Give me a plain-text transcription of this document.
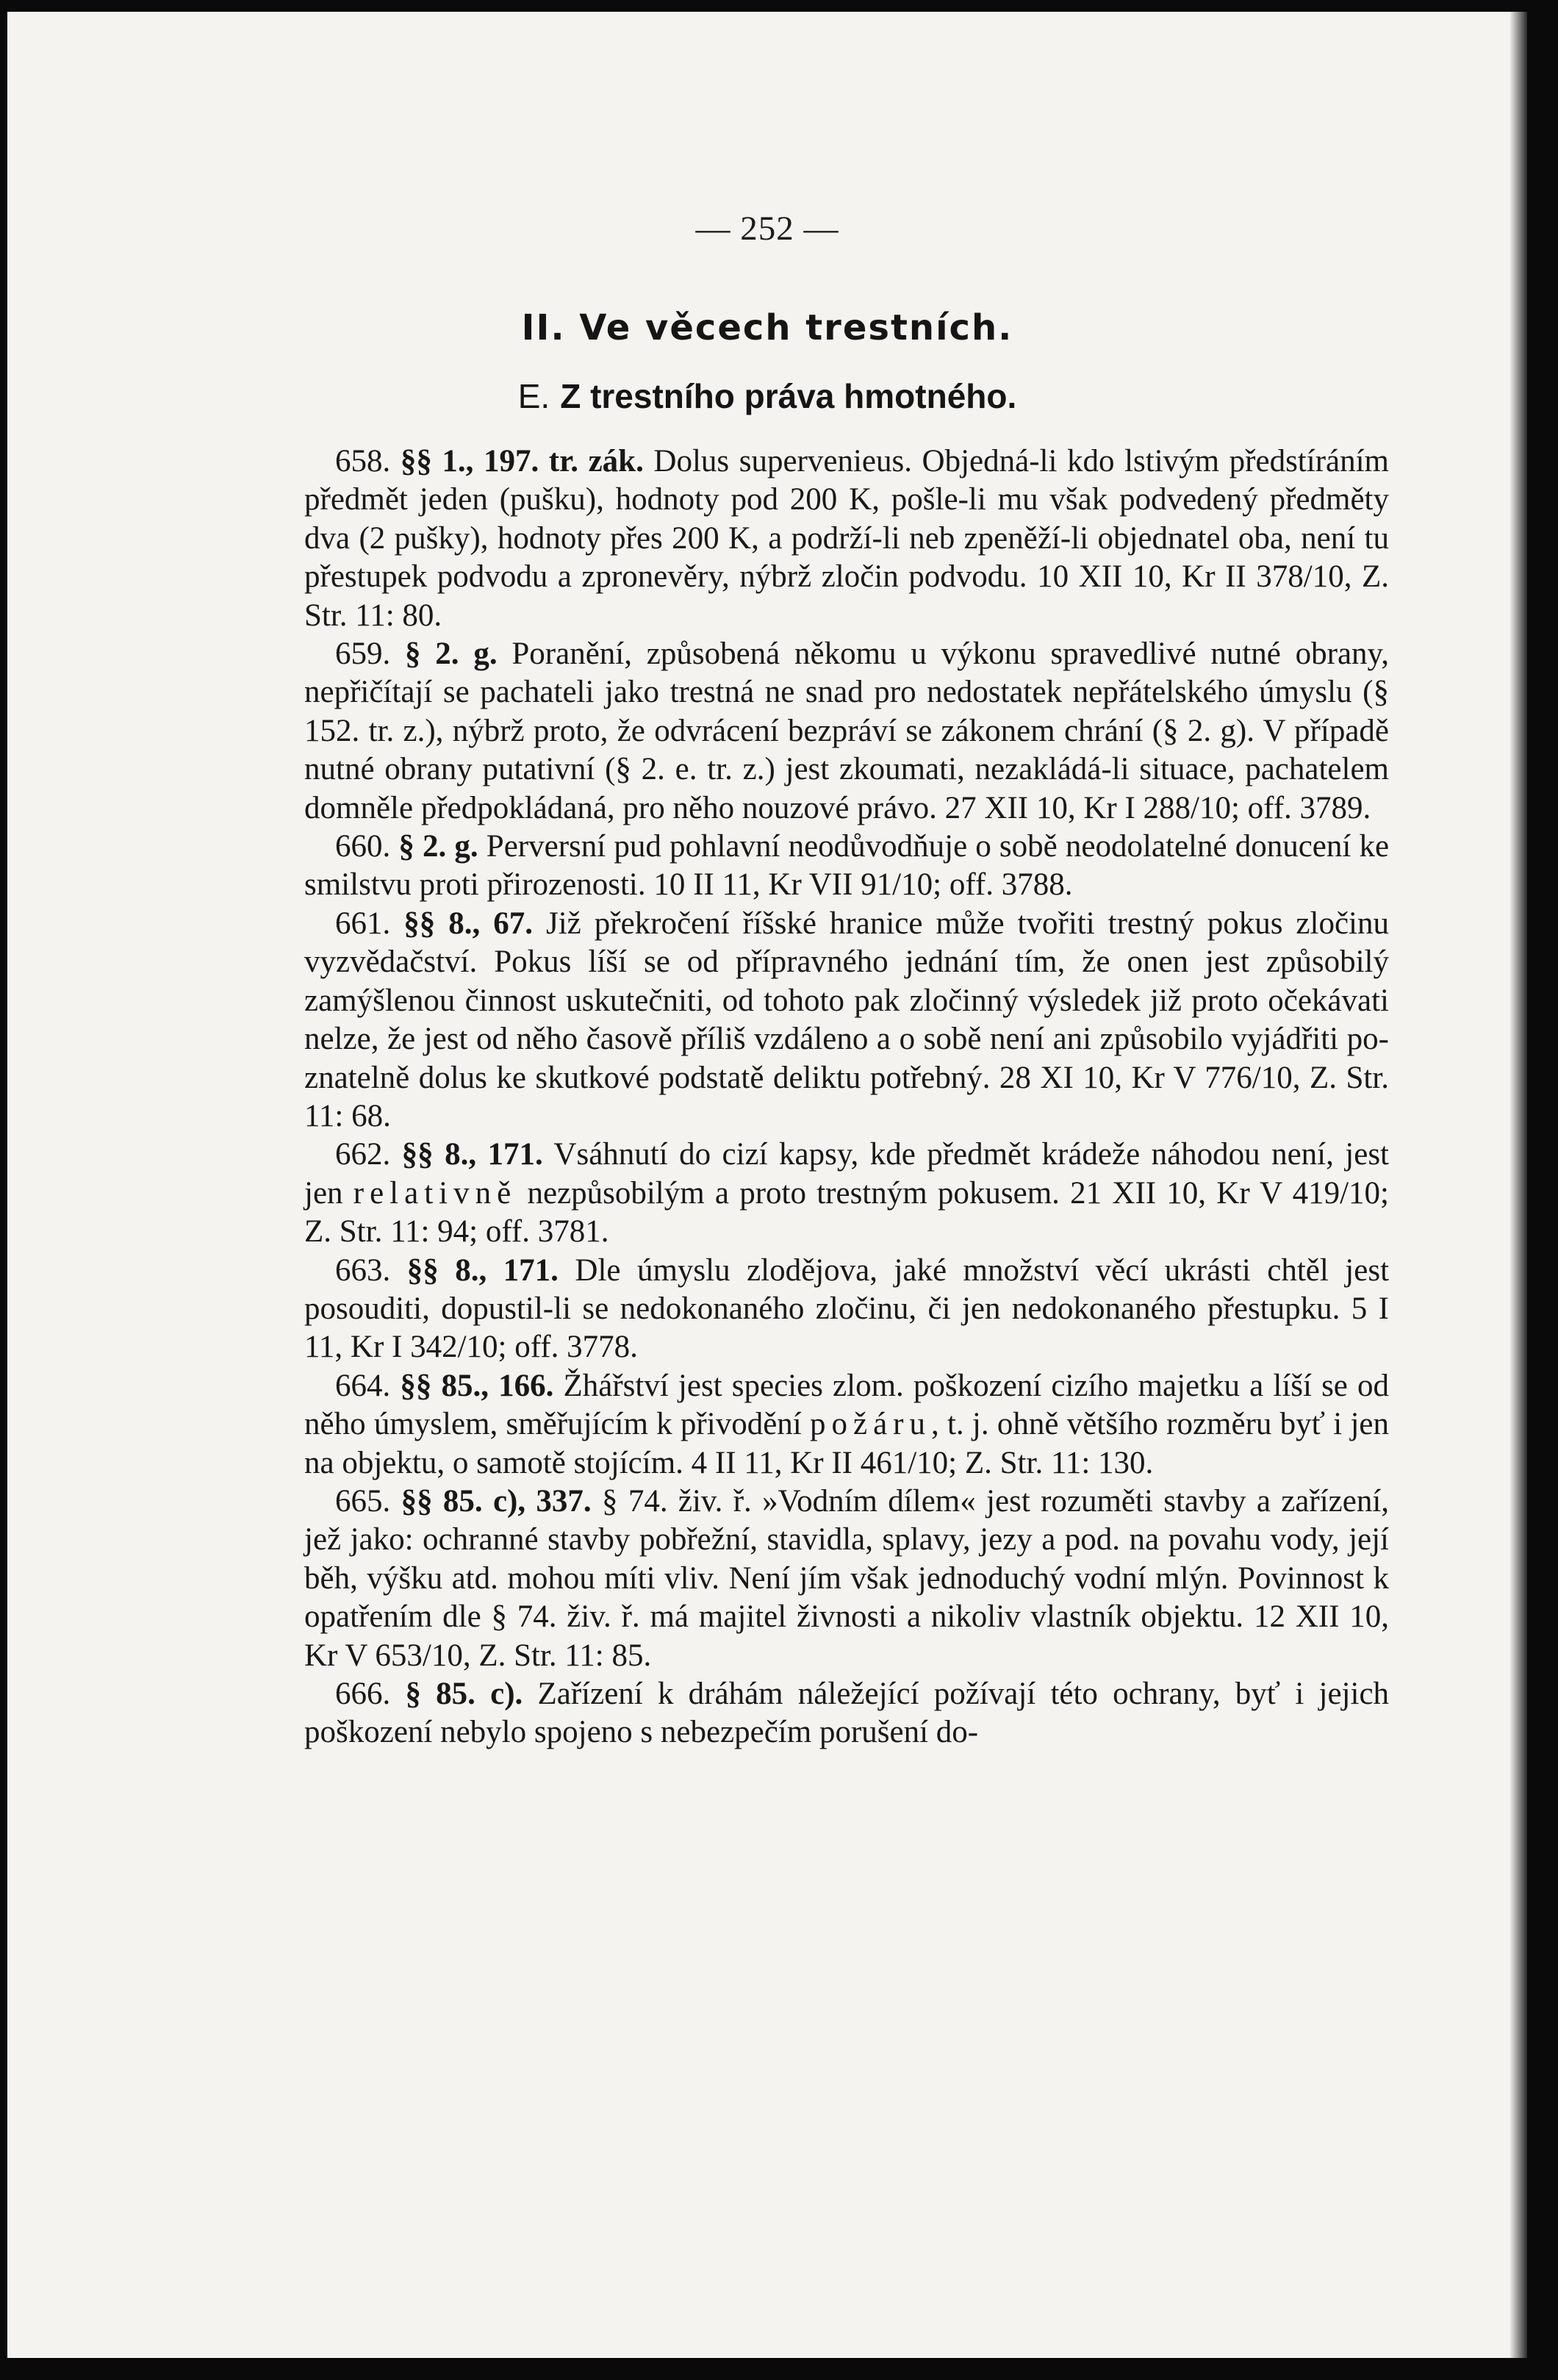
— 252 —

II. Ve věcech trestních.
E. Z trestního práva hmotného.

658. §§ 1., 197. tr. zák. Dolus supervenieus. Objedná-li kdo lstivým předstíráním předmět jeden (pušku), hodnoty pod 200 K, pošle-li mu však podvedený předměty dva (2 pušky), hodnoty přes 200 K, a podrží-li neb zpeněží-li objednatel oba, není tu přestupek podvodu a zpronevěry, nýbrž zločin podvodu. 10 XII 10, Kr II 378/10, Z. Str. 11: 80.

659. § 2. g. Poranění, způsobená někomu u výkonu spravedlivé nutné obrany, nepřičítají se pachateli jako trestná ne snad pro nedostatek nepřátelského úmyslu (§ 152. tr. z.), nýbrž proto, že odvrácení bezpráví se zákonem chrání (§ 2. g). V případě nutné obrany putativní (§ 2. e. tr. z.) jest zkoumati, nezakládá-li situace, pachatelem domněle předpokládaná, pro něho nouzové právo. 27 XII 10, Kr I 288/10; off. 3789.

660. § 2. g. Perversní pud pohlavní neodůvodňuje o sobě neodolatelné donucení ke smilstvu proti přirozenosti. 10 II 11, Kr VII 91/10; off. 3788.

661. §§ 8., 67. Již překročení říšské hranice může tvořiti trestný pokus zločinu vyzvědačství. Pokus líší se od přípravného jednání tím, že onen jest způsobilý zamýšlenou činnost uskutečniti, od tohoto pak zločinný výsledek již proto očekávati nelze, že jest od něho časově příliš vzdáleno a o sobě není ani způsobilo vyjádřiti poznatelně dolus ke skutkové podstatě deliktu potřebný. 28 XI 10, Kr V 776/10, Z. Str. 11: 68.

662. §§ 8., 171. Vsáhnutí do cizí kapsy, kde předmět krádeže náhodou není, jest jen relativně nezpůsobilým a proto trestným pokusem. 21 XII 10, Kr V 419/10; Z. Str. 11: 94; off. 3781.

663. §§ 8., 171. Dle úmyslu zlodějova, jaké množství věcí ukrásti chtěl jest posouditi, dopustil-li se nedokonaného zločinu, či jen nedokonaného přestupku. 5 I 11, Kr I 342/10; off. 3778.

664. §§ 85., 166. Žhářství jest species zlom. poškození cizího majetku a líší se od něho úmyslem, směřujícím k přivodění požáru, t. j. ohně většího rozměru byť i jen na objektu, o samotě stojícím. 4 II 11, Kr II 461/10; Z. Str. 11: 130.

665. §§ 85. c), 337. § 74. živ. ř. »Vodním dílem« jest rozuměti stavby a zařízení, jež jako: ochranné stavby pobřežní, stavidla, splavy, jezy a pod. na povahu vody, její běh, výšku atd. mohou míti vliv. Není jím však jednoduchý vodní mlýn. Povinnost k opatřením dle § 74. živ. ř. má majitel živnosti a nikoliv vlastník objektu. 12 XII 10, Kr V 653/10, Z. Str. 11: 85.

666. § 85. c). Zařízení k dráhám náležející požívají této ochrany, byť i jejich poškození nebylo spojeno s nebezpečím porušení do-
